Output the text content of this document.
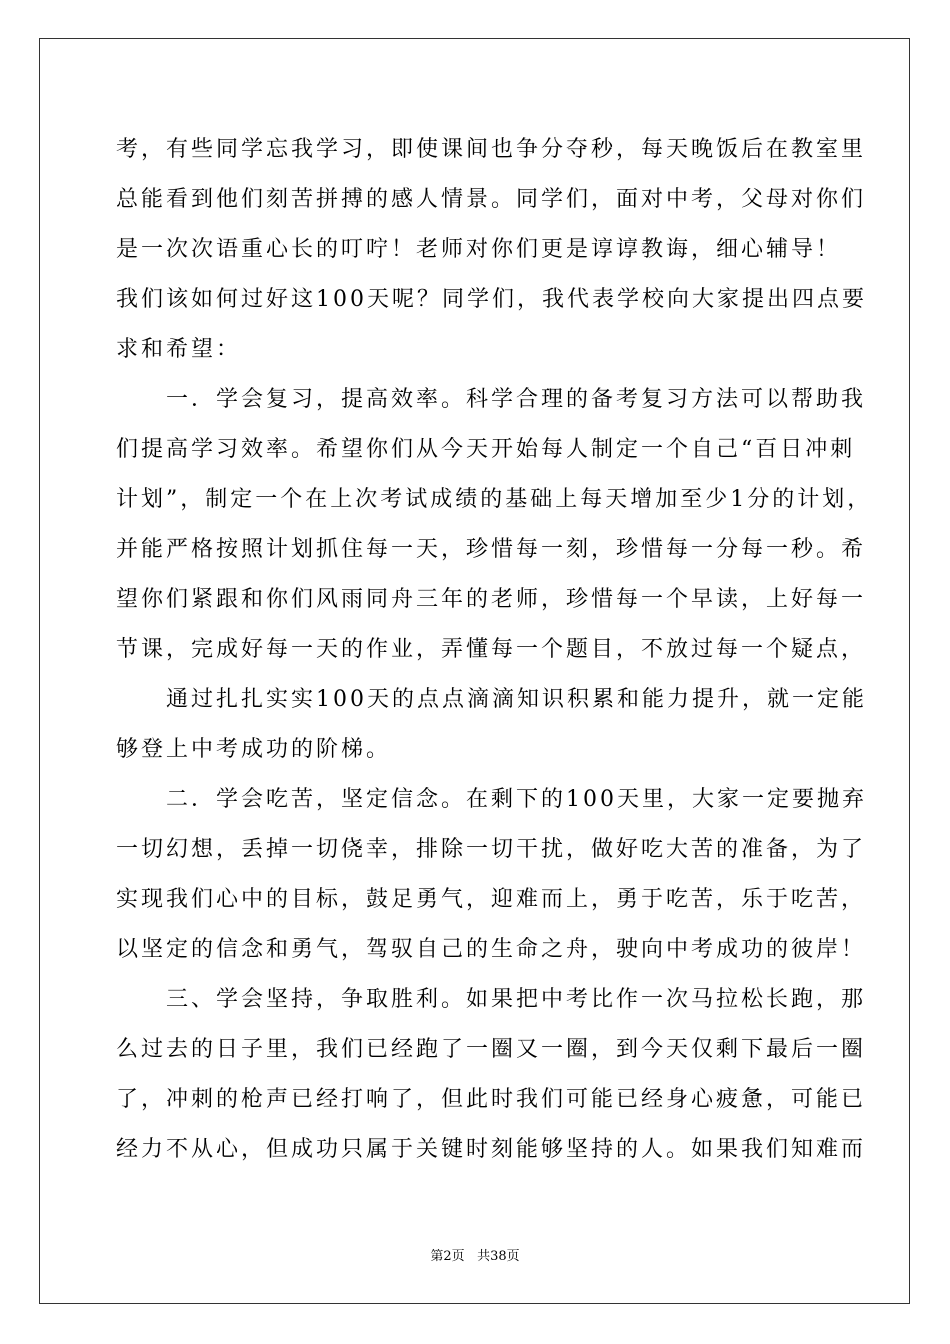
考，有些同学忘我学习，即使课间也争分夺秒，每天晚饭后在教室里
总能看到他们刻苦拼搏的感人情景。同学们，面对中考，父母对你们
是一次次语重心长的叮咛！老师对你们更是谆谆教诲，细心辅导！
我们该如何过好这100天呢？同学们，我代表学校向大家提出四点要
求和希望：
　　一．学会复习，提高效率。科学合理的备考复习方法可以帮助我
们提高学习效率。希望你们从今天开始每人制定一个自己“百日冲刺
计划”，制定一个在上次考试成绩的基础上每天增加至少1分的计划，
并能严格按照计划抓住每一天，珍惜每一刻，珍惜每一分每一秒。希
望你们紧跟和你们风雨同舟三年的老师，珍惜每一个早读，上好每一
节课，完成好每一天的作业，弄懂每一个题目，不放过每一个疑点，
　　通过扎扎实实100天的点点滴滴知识积累和能力提升，就一定能
够登上中考成功的阶梯。
　　二．学会吃苦，坚定信念。在剩下的100天里，大家一定要抛弃
一切幻想，丢掉一切侥幸，排除一切干扰，做好吃大苦的准备，为了
实现我们心中的目标，鼓足勇气，迎难而上，勇于吃苦，乐于吃苦，
以坚定的信念和勇气，驾驭自己的生命之舟，驶向中考成功的彼岸！
　　三、学会坚持，争取胜利。如果把中考比作一次马拉松长跑，那
么过去的日子里，我们已经跑了一圈又一圈，到今天仅剩下最后一圈
了，冲刺的枪声已经打响了，但此时我们可能已经身心疲惫，可能已
经力不从心，但成功只属于关键时刻能够坚持的人。如果我们知难而
第2页 共38页
